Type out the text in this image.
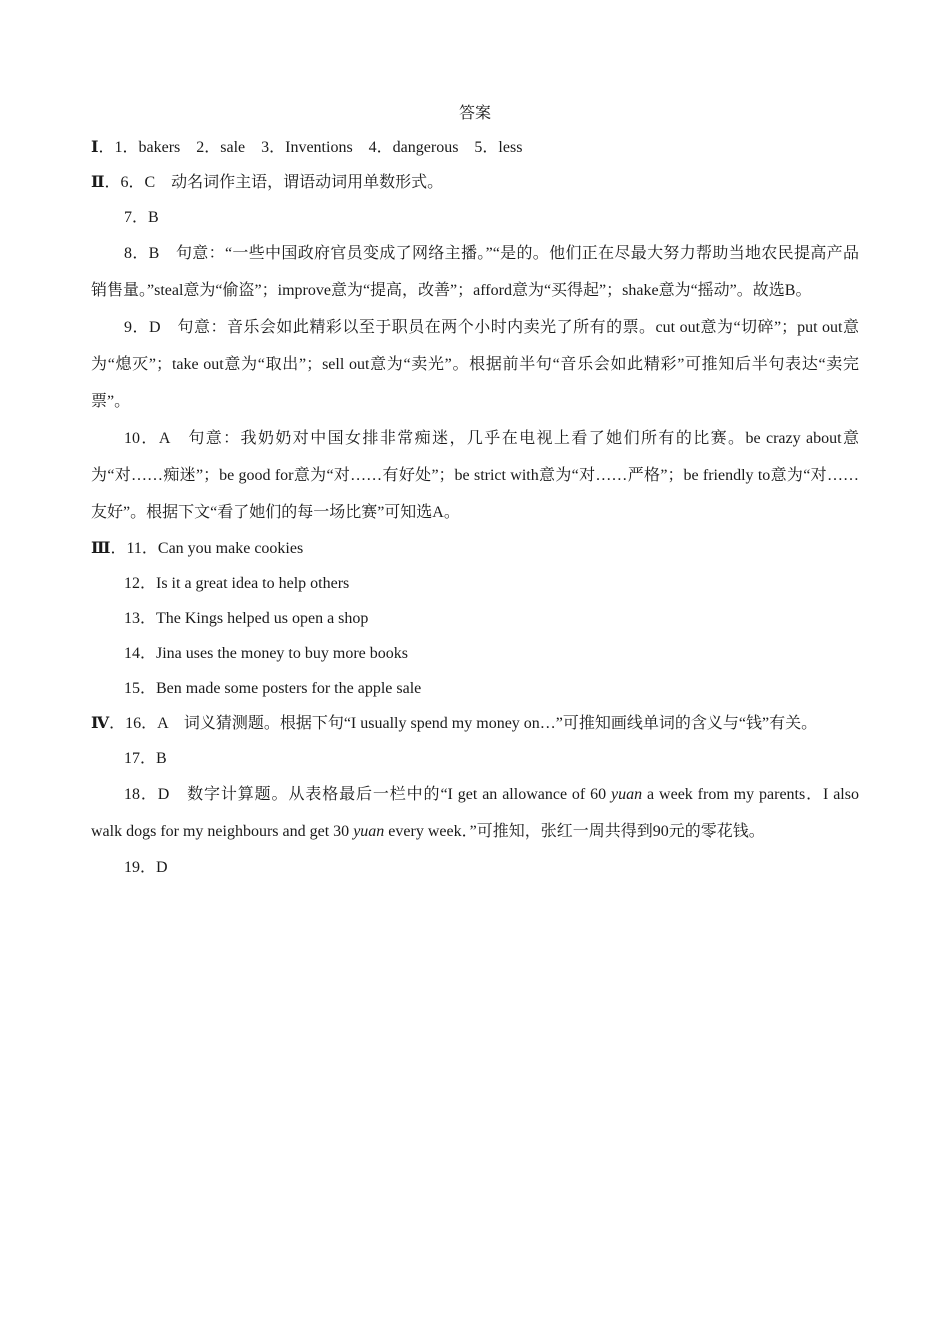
答案
Ⅰ．1．bakers　2．sale　3．Inventions　4．dangerous　5．less
Ⅱ．6．C　动名词作主语，谓语动词用单数形式。
7．B

8．B　句意：“一些中国政府官员变成了网络主播。”“是的。他们正在尽最大努力帮助当地农民提高产品销售量。”steal意为“偷盗”；improve意为“提高，改善”；afford意为“买得起”；shake意为“摇动”。故选B。

9．D　句意：音乐会如此精彩以至于职员在两个小时内卖光了所有的票。cut out意为“切碎”；put out意为“熄灭”；take out意为“取出”；sell out意为“卖光”。根据前半句“音乐会如此精彩”可推知后半句表达“卖完票”。

10．A　句意：我奶奶对中国女排非常痴迷，几乎在电视上看了她们所有的比赛。be crazy about意为“对……痴迷”；be good for意为“对……有好处”；be strict with意为“对……严格”；be friendly to意为“对……友好”。根据下文“看了她们的每一场比赛”可知选A。

Ⅲ．11．Can you make cookies
12．Is it a great idea to help others
13．The Kings helped us open a shop
14．Jina uses the money to buy more books
15．Ben made some posters for the apple sale
Ⅳ．16．A　词义猜测题。根据下句“I usually spend my money on…”可推知画线单词的含义与“钱”有关。
17．B

18．D　数字计算题。从表格最后一栏中的“I get an allowance of 60 yuan a week from my parents．I also walk dogs for my neighbours and get 30 yuan every week．”可推知，张红一周共得到90元的零花钱。

19．D
